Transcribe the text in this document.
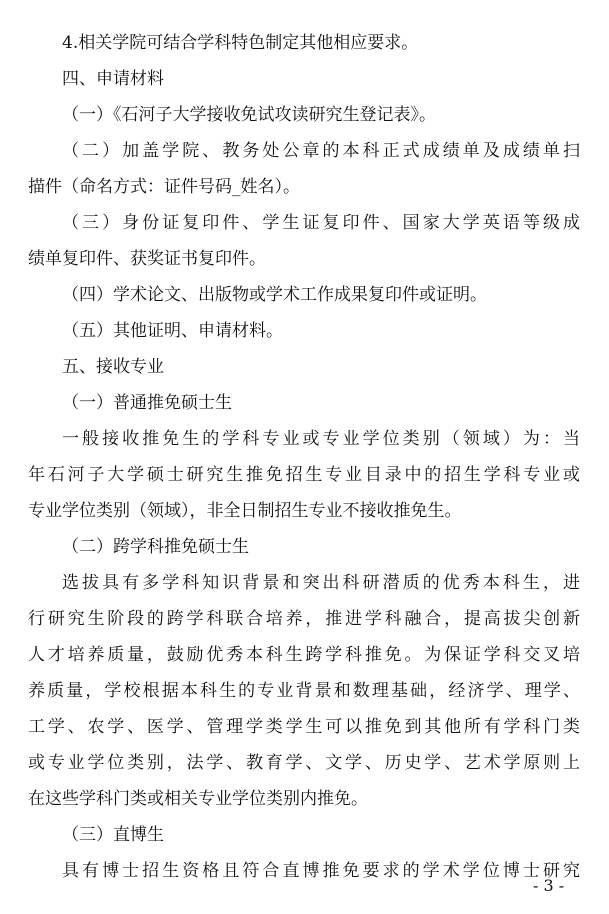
4.相关学院可结合学科特色制定其他相应要求。
四、申请材料
（一）《石河子大学接收免试攻读研究生登记表》。
（二）加盖学院、教务处公章的本科正式成绩单及成绩单扫
描件（命名方式：证件号码_姓名）。
（三）身份证复印件、学生证复印件、国家大学英语等级成
绩单复印件、获奖证书复印件。
（四）学术论文、出版物或学术工作成果复印件或证明。
（五）其他证明、申请材料。
五、接收专业
（一）普通推免硕士生
一般接收推免生的学科专业或专业学位类别（领域）为：当
年石河子大学硕士研究生推免招生专业目录中的招生学科专业或
专业学位类别（领域），非全日制招生专业不接收推免生。
（二）跨学科推免硕士生
选拔具有多学科知识背景和突出科研潜质的优秀本科生，进
行研究生阶段的跨学科联合培养，推进学科融合，提高拔尖创新
人才培养质量，鼓励优秀本科生跨学科推免。为保证学科交叉培
养质量，学校根据本科生的专业背景和数理基础，经济学、理学、
工学、农学、医学、管理学类学生可以推免到其他所有学科门类
或专业学位类别，法学、教育学、文学、历史学、艺术学原则上
在这些学科门类或相关专业学位类别内推免。
（三）直博生
具有博士招生资格且符合直博推免要求的学术学位博士研究
- 3 -
